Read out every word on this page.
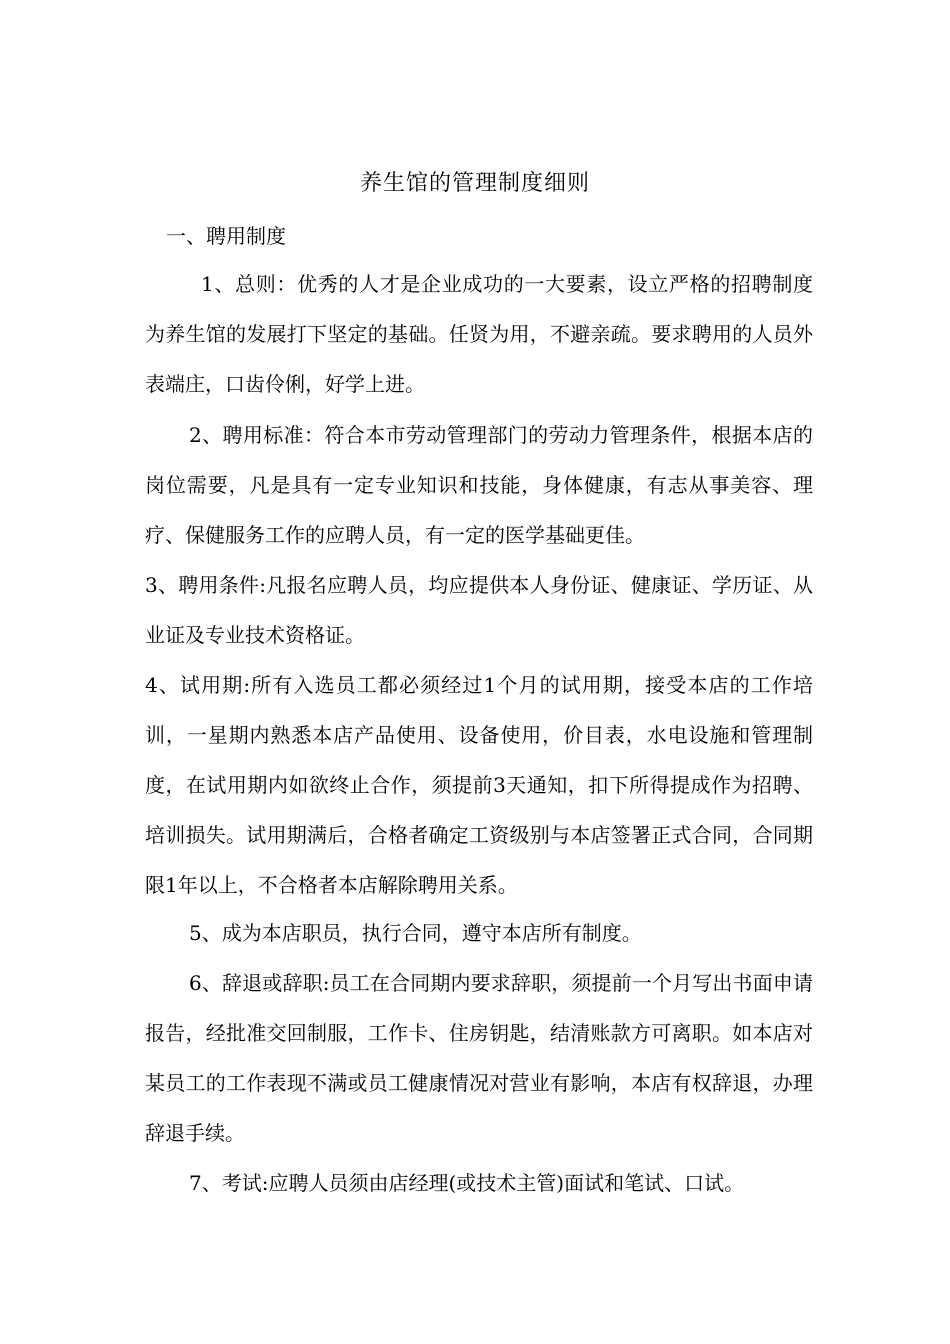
养生馆的管理制度细则
一、聘用制度

1、总则：优秀的人才是企业成功的一大要素，设立严格的招聘制度为养生馆的发展打下坚定的基础。任贤为用，不避亲疏。要求聘用的人员外表端庄，口齿伶俐，好学上进。

2、聘用标准：符合本市劳动管理部门的劳动力管理条件，根据本店的岗位需要，凡是具有一定专业知识和技能，身体健康，有志从事美容、理疗、保健服务工作的应聘人员，有一定的医学基础更佳。

3、聘用条件:凡报名应聘人员，均应提供本人身份证、健康证、学历证、从业证及专业技术资格证。

4、试用期:所有入选员工都必须经过1个月的试用期，接受本店的工作培训，一星期内熟悉本店产品使用、设备使用，价目表，水电设施和管理制度，在试用期内如欲终止合作，须提前3天通知，扣下所得提成作为招聘、培训损失。试用期满后，合格者确定工资级别与本店签署正式合同，合同期限1年以上，不合格者本店解除聘用关系。

5、成为本店职员，执行合同，遵守本店所有制度。

6、辞退或辞职:员工在合同期内要求辞职，须提前一个月写出书面申请报告，经批准交回制服，工作卡、住房钥匙，结清账款方可离职。如本店对某员工的工作表现不满或员工健康情况对营业有影响，本店有权辞退，办理辞退手续。

7、考试:应聘人员须由店经理(或技术主管)面试和笔试、口试。
